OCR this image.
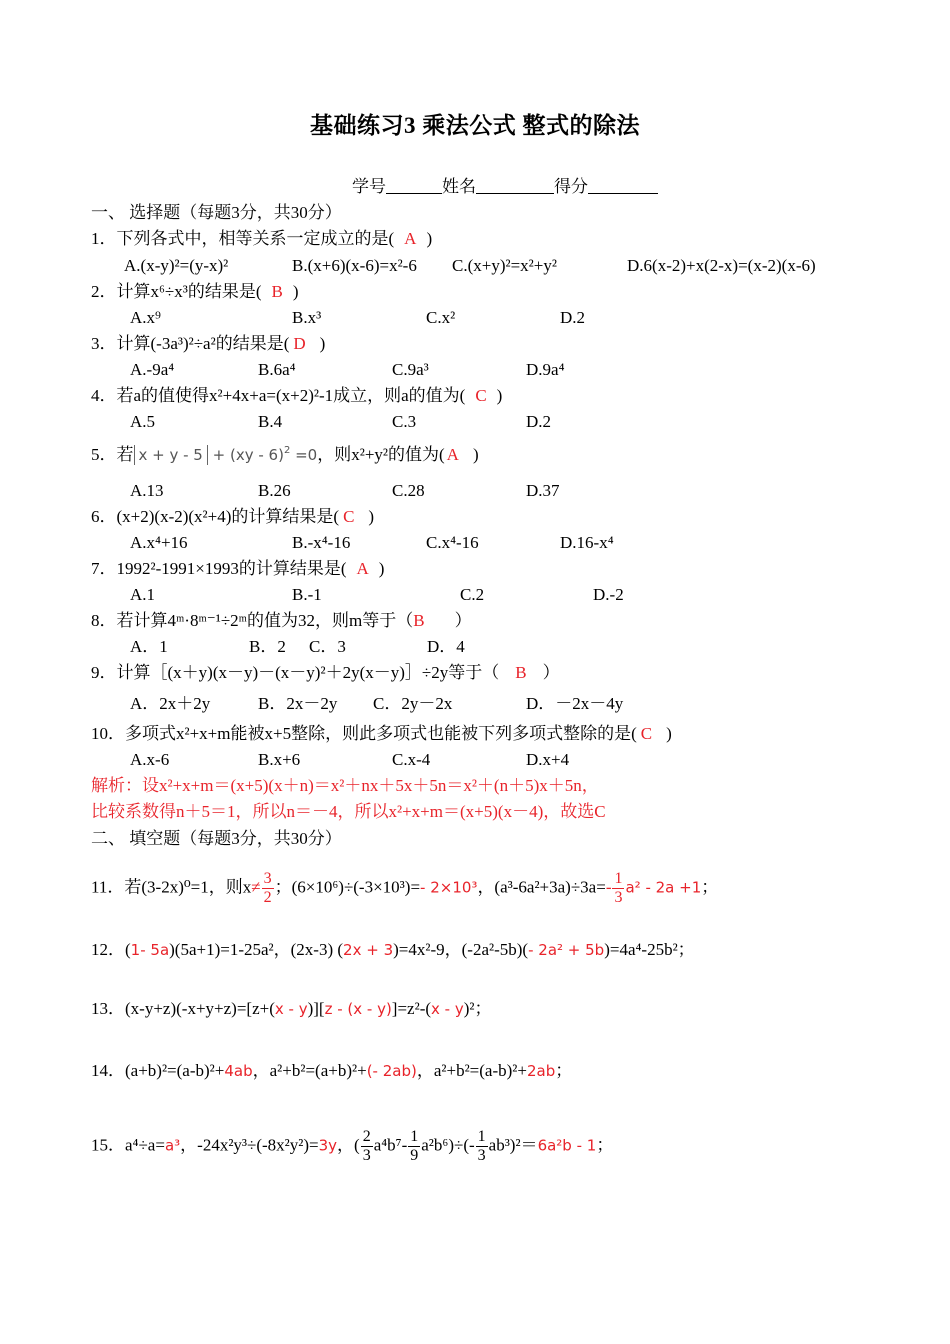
基础练习3 乘法公式 整式的除法
学号	姓名	得分
一、 选择题（每题3分，共30分）
1．下列各式中，相等关系一定成立的是( A )
A.(x-y)²=(y-x)²	B.(x+6)(x-6)=x²-6 C.(x+y)²=x²+y²	D.6(x-2)+x(2-x)=(x-2)(x-6)
2．计算x⁶÷x³的结果是( B )
A.x⁹	B.x³	C.x²	D.2
3．计算(-3a³)²÷a²的结果是( D )
A.-9a⁴	B.6a⁴	C.9a³	D.9a⁴
4．若a的值使得x²+4x+a=(x+2)²-1成立，则a的值为( C )
A.5	B.4	C.3	D.2
5．若 x + y - 5 + (xy - 6)$^2$ =0，则x²+y²的值为( A )
A.13	B.26	C.28	D.37
6．(x+2)(x-2)(x²+4)的计算结果是( C )
A.x⁴+16	B.-x⁴-16	C.x⁴-16	D.16-x⁴
7．1992²-1991×1993的计算结果是( A )
A.1	B.-1	C.2	D.-2
8．若计算4ᵐ·8ᵐ⁻¹÷2ᵐ的值为32，则m等于（B ）
A．1	B．2 C．3	D．4
9．计算［(x＋y)(x－y)－(x－y)²＋2y(x－y)］÷2y等于（ B ）
A．2x＋2y	B．2x－2y C．2y－2x	D．－2x－4y
10．多项式x²+x+m能被x+5整除，则此多项式也能被下列多项式整除的是( C )
A.x-6	B.x+6	C.x-4	D.x+4
解析：设x²+x+m＝(x+5)(x＋n)＝x²＋nx＋5x＋5n＝x²＋(n＋5)x＋5n，
比较系数得n＋5＝1，所以n＝－4，所以x²+x+m＝(x+5)(x－4)，故选C
二、 填空题（每题3分，共30分）
11．若(3-2x)⁰=1，则$x\ne \frac{3}{2}$ ；(6×10⁶)÷(-3×10³)=- 2×10³，$(a^3-6a^2+3a)\div 3a=- \frac{1}{3} a^2 - 2a +1$；
12．(1- 5a)(5a+1)=1-25a²，(2x-3) (2x + 3)=4x²-9，(-2a²-5b)(- 2a² + 5b)=4a⁴-25b²；
13．(x-y+z)(-x+y+z)=[z+(x - y)][z - (x - y)]=z²-(x - y)²；
14．(a+b)²=(a-b)²+4ab，a²+b²=(a+b)²+(- 2ab)，a²+b²=(a-b)²+2ab；
15．a⁴÷a=a³，-24x²y³÷(-8x²y²)=3y，( $\frac{2}{3} a^4b^7- \frac{1}{9} a^2b^6)\div(- \frac{1}{3} ab^3)^2=6a^2b - 1$；
